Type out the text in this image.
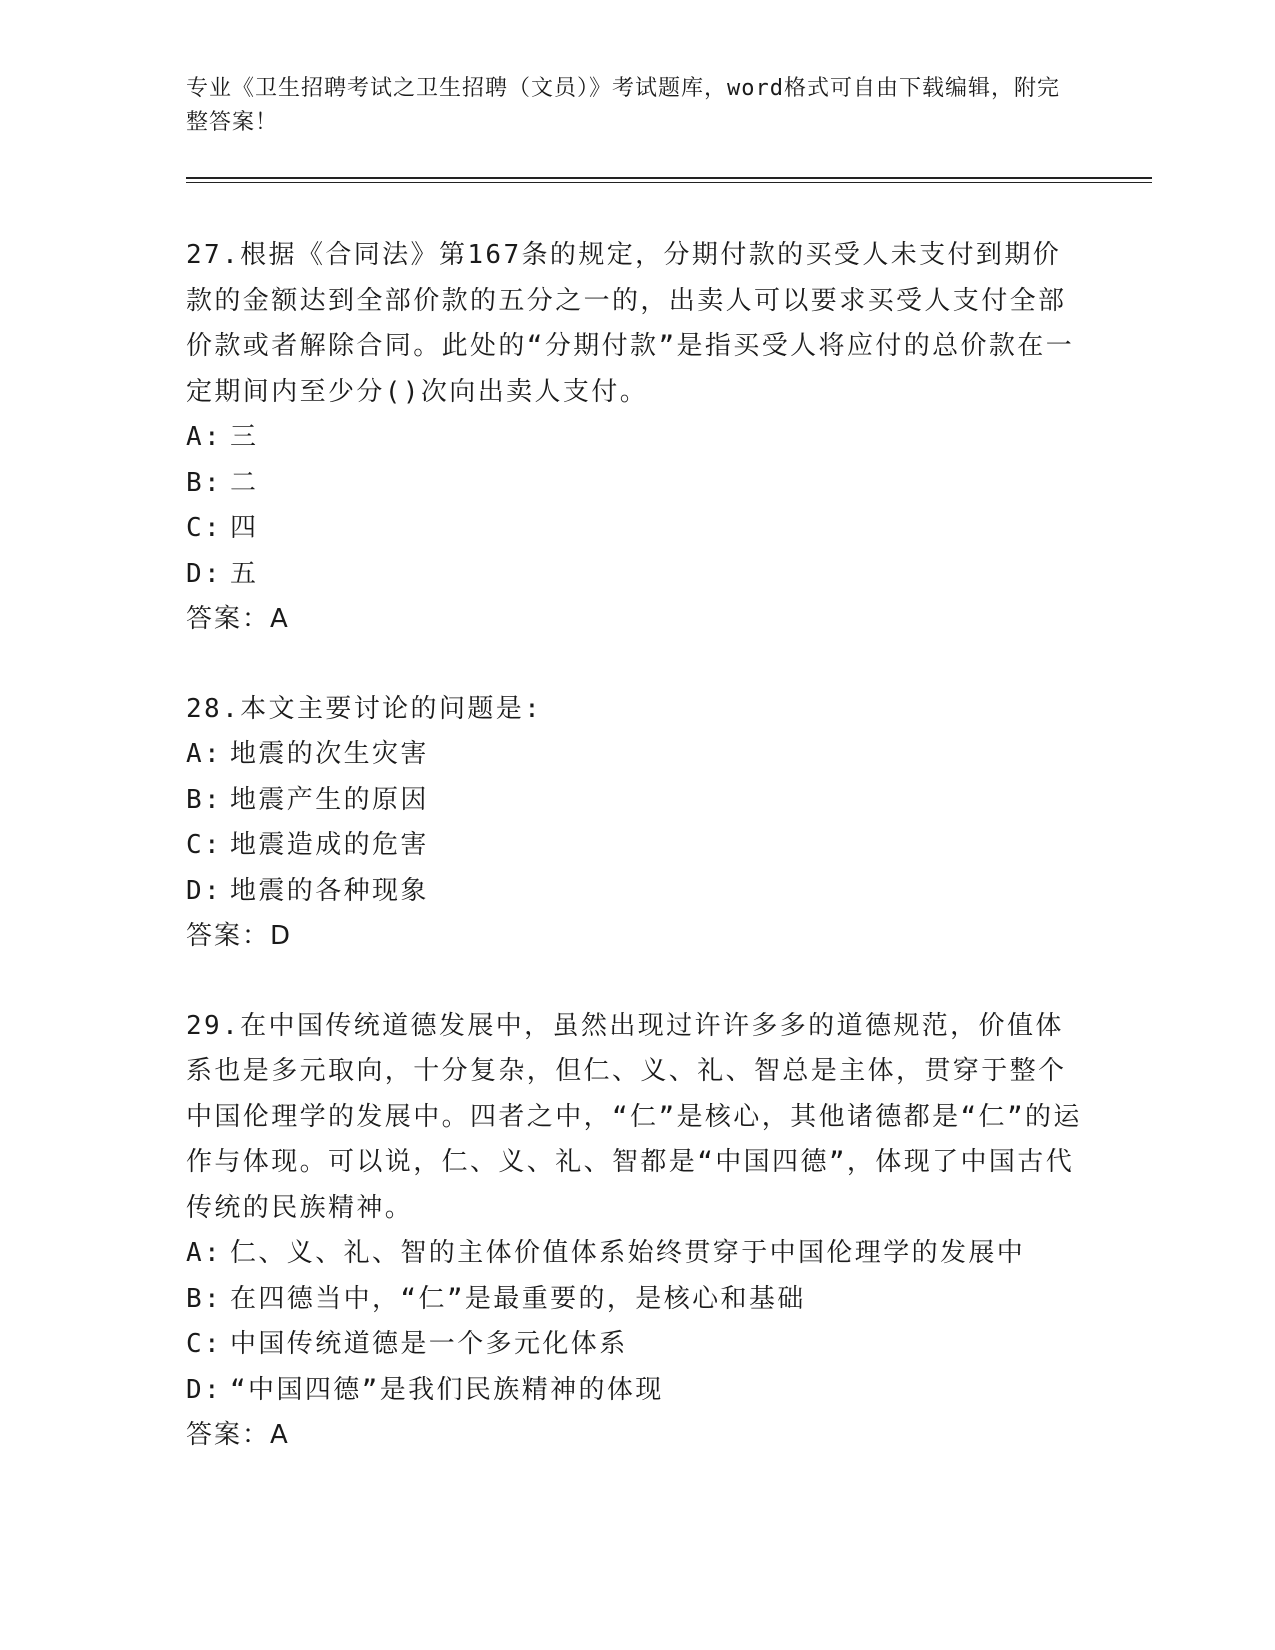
专业《卫生招聘考试之卫生招聘（文员）》考试题库，word格式可自由下载编辑，附完整答案！

27.根据《合同法》第167条的规定，分期付款的买受人未支付到期价款的金额达到全部价款的五分之一的，出卖人可以要求买受人支付全部价款或者解除合同。此处的“分期付款”是指买受人将应付的总价款在一定期间内至少分()次向出卖人支付。

A: 三

B: 二

C: 四

D: 五

答案：A

28.本文主要讨论的问题是:

A: 地震的次生灾害

B: 地震产生的原因

C: 地震造成的危害

D: 地震的各种现象

答案：D

29.在中国传统道德发展中，虽然出现过许许多多的道德规范，价值体系也是多元取向，十分复杂，但仁、义、礼、智总是主体，贯穿于整个中国伦理学的发展中。四者之中，“仁”是核心，其他诸德都是“仁”的运作与体现。可以说，仁、义、礼、智都是“中国四德”，体现了中国古代传统的民族精神。

A: 仁、义、礼、智的主体价值体系始终贯穿于中国伦理学的发展中

B: 在四德当中，“仁”是最重要的，是核心和基础

C: 中国传统道德是一个多元化体系

D: “中国四德”是我们民族精神的体现

答案：A
